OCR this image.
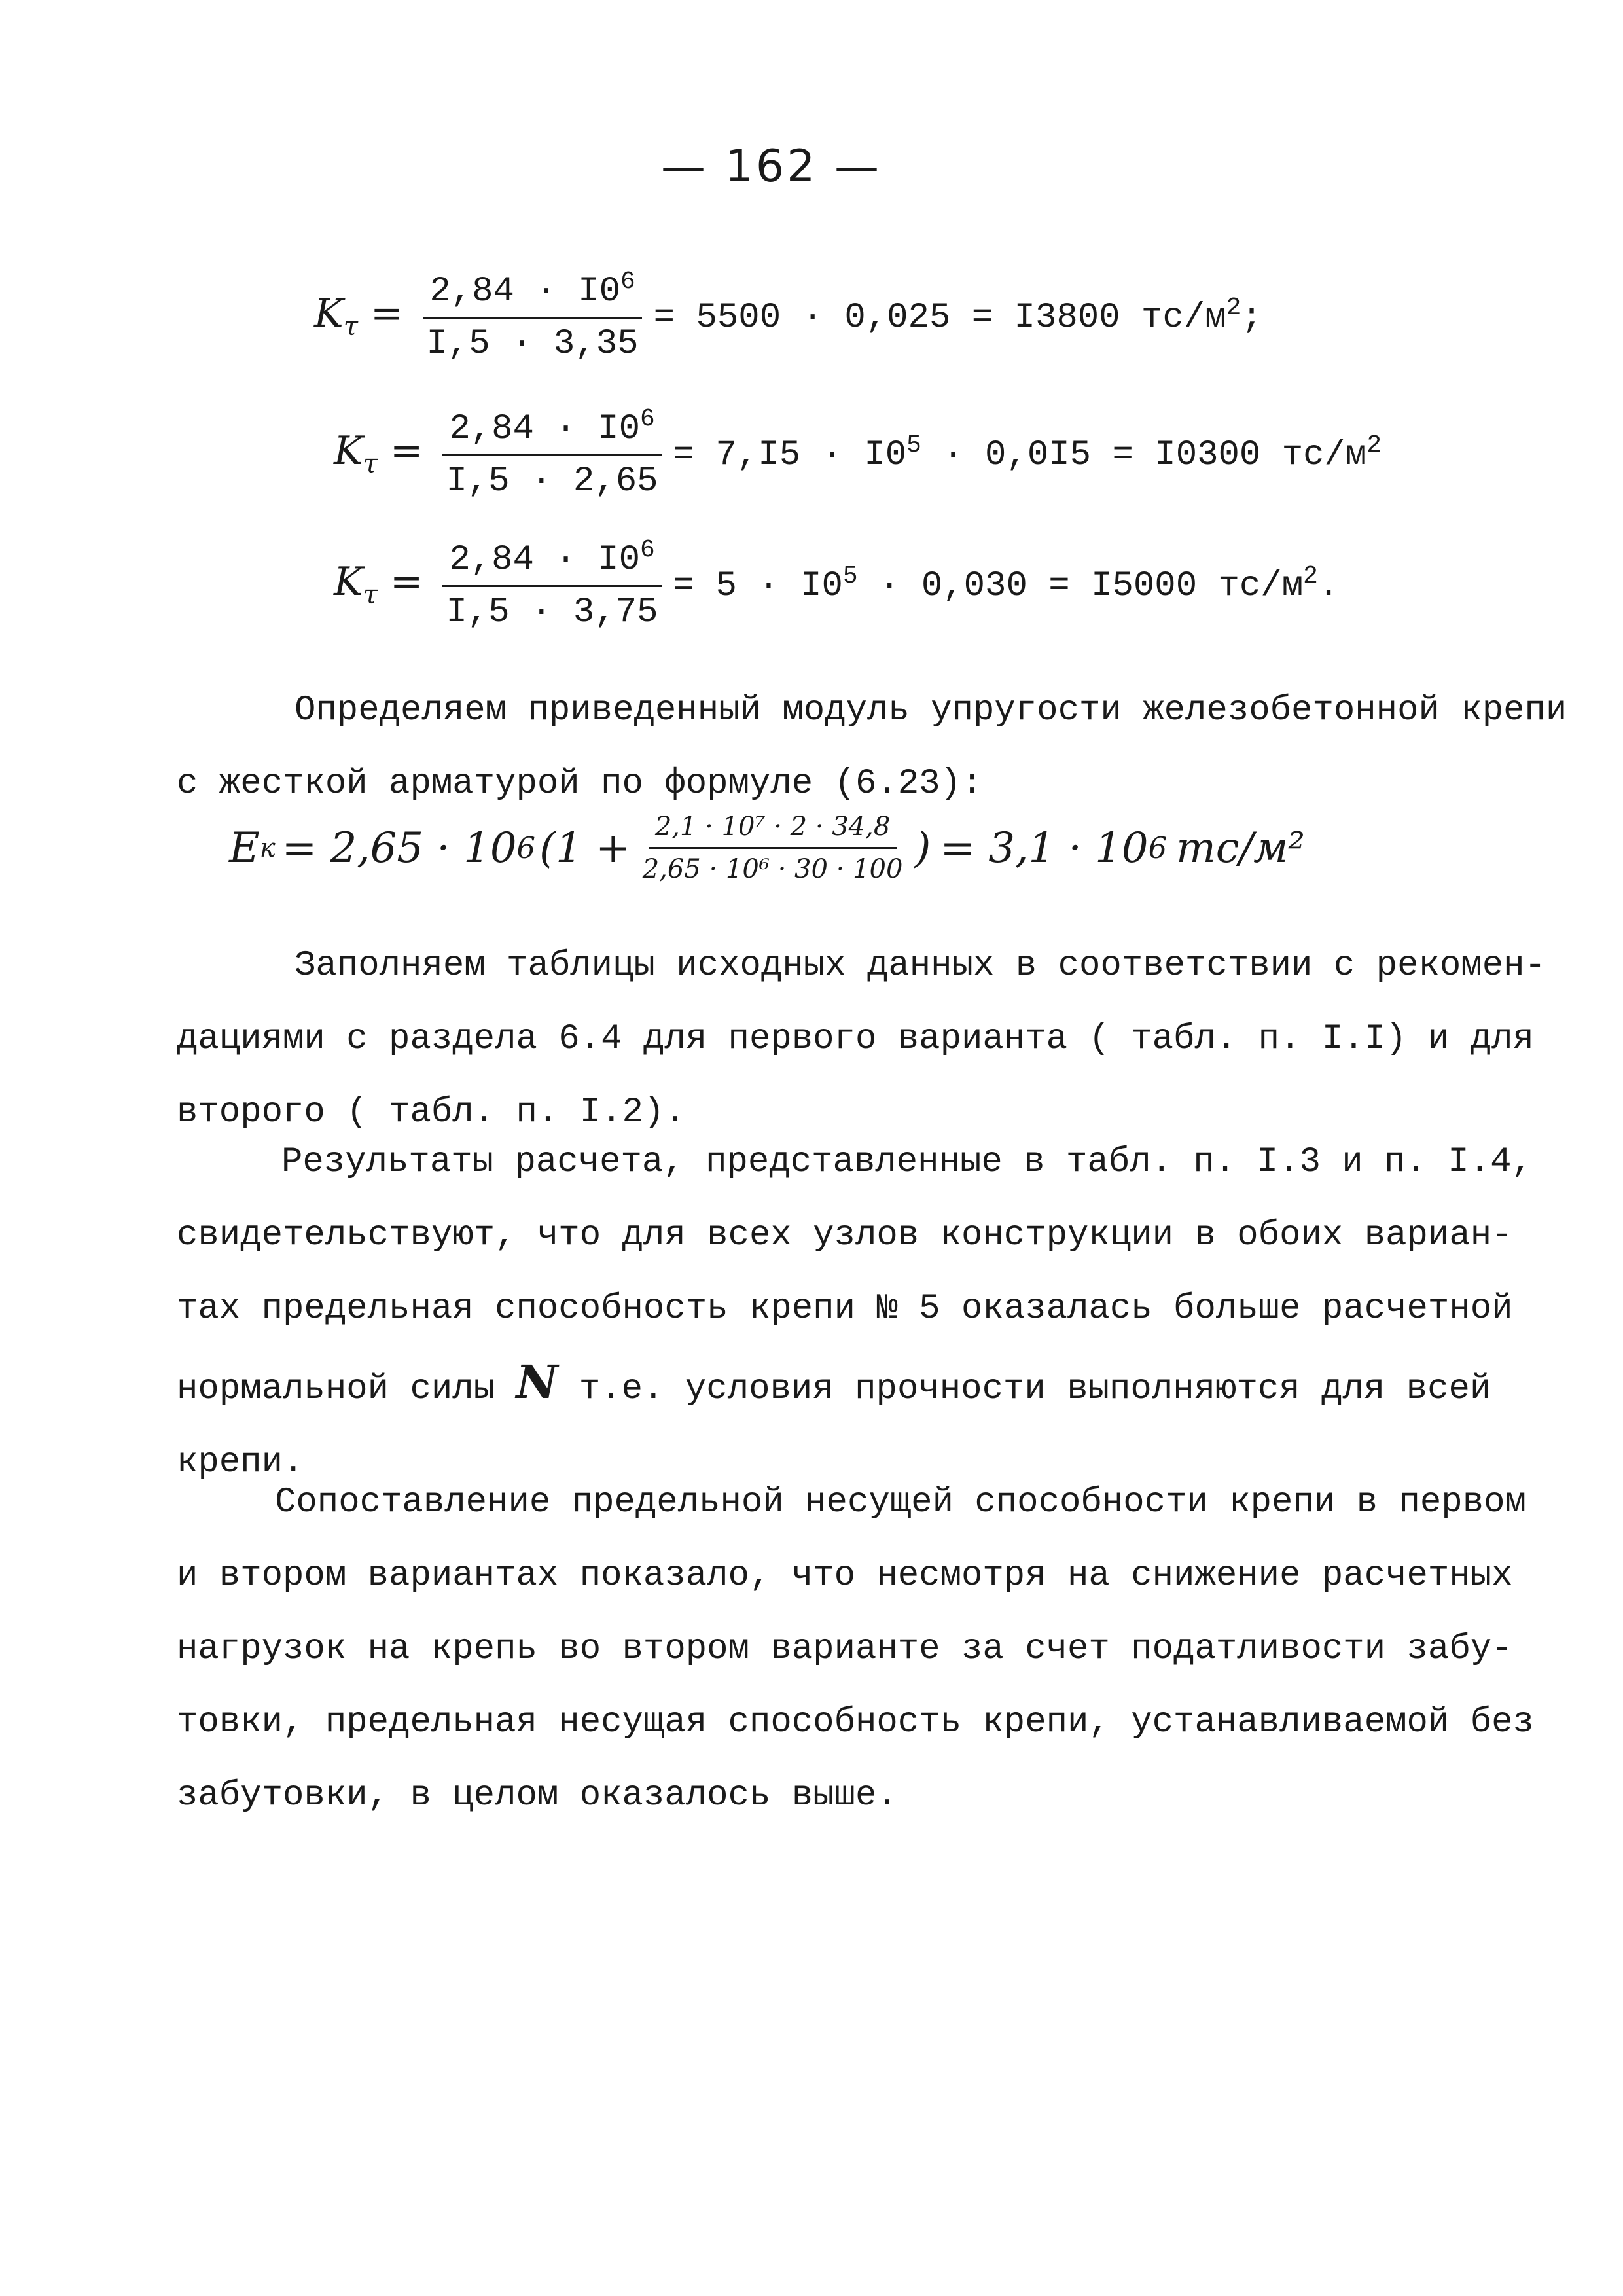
— 162 —
$K_\tau = \frac{2,84 \cdot I0^6}{I,5 \cdot 3,35} = 5500 \cdot 0,025 = I3800$ $тс/м^2$;
$K_\tau = \frac{2,84 \cdot I0^6}{I,5 \cdot 2,65} = 7,I5 \cdot I0^5 \cdot 0,0I5 = I0300$ $тс/м^2$
$K_\tau = \frac{2,84 \cdot I0^6}{I,5 \cdot 3,75} = 5 \cdot I0^5 \cdot 0,030 = I5000$ $тс/м^2$.
Определяем приведенный модуль упругости железобетонной крепи
с жесткой арматурой по формуле (6.23):
E к = 2,65 · 10 6 ($1 + \frac{\text{2,1 · 10⁷ · 2 · 34,8}}{\text{2,65 · 10⁶ · 30 · 100}}$ ) = 3,1 · 10 6 тс/м²
Заполняем таблицы исходных данных в соответствии с рекомен-
дациями с раздела 6.4 для первого варианта ( табл. п. I.I) и для
второго ( табл. п. I.2).
Результаты расчета, представленные в табл. п. I.3 и п. I.4,
свидетельствуют, что для всех узлов конструкции в обоих вариан-
тах предельная способность крепи № 5 оказалась больше расчетной
нормальной силы N т.е. условия прочности выполняются для всей
крепи.
Сопоставление предельной несущей способности крепи в первом
и втором вариантах показало, что несмотря на снижение расчетных
нагрузок на крепь во втором варианте за счет податливости забу-
товки, предельная несущая способность крепи, устанавливаемой без
забутовки, в целом оказалось выше.
